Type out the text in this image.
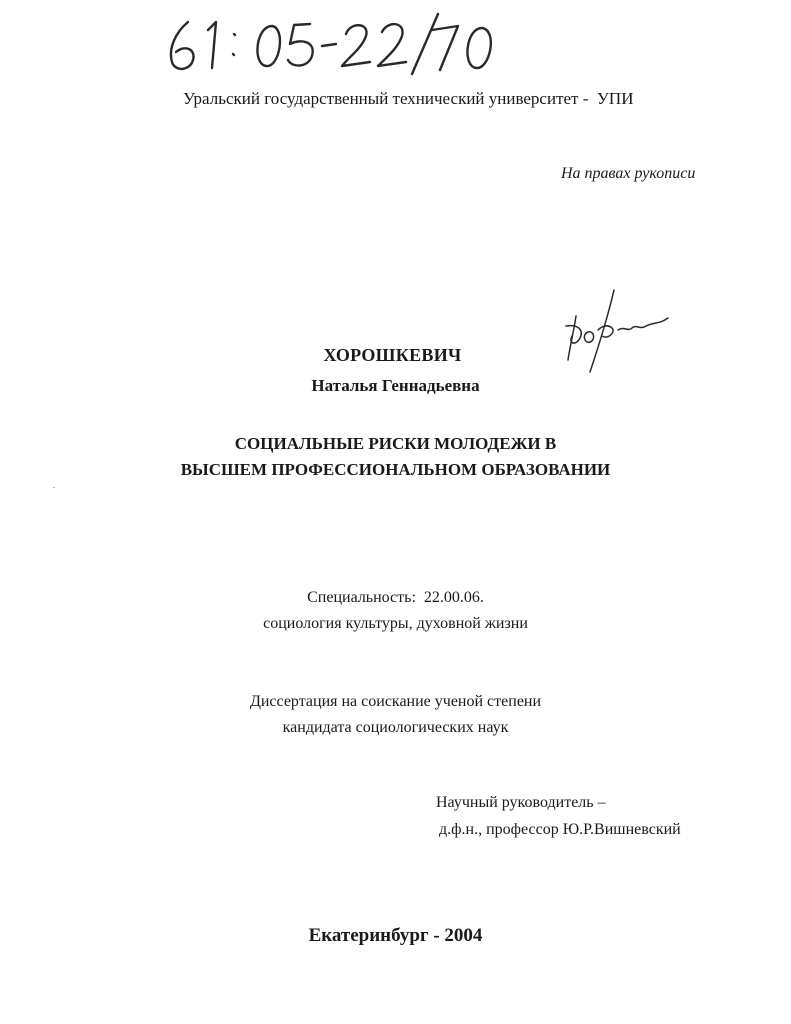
Уральский государственный технический университет -  УПИ
На правах рукописи
ХОРОШКЕВИЧ
Наталья Геннадьевна
СОЦИАЛЬНЫЕ РИСКИ МОЛОДЕЖИ В
ВЫСШЕМ ПРОФЕССИОНАЛЬНОМ ОБРАЗОВАНИИ
Специальность:  22.00.06.
социология культуры, духовной жизни
Диссертация на соискание ученой степени
кандидата социологических наук
Научный руководитель –
д.ф.н., профессор Ю.Р.Вишневский
Екатеринбург - 2004
